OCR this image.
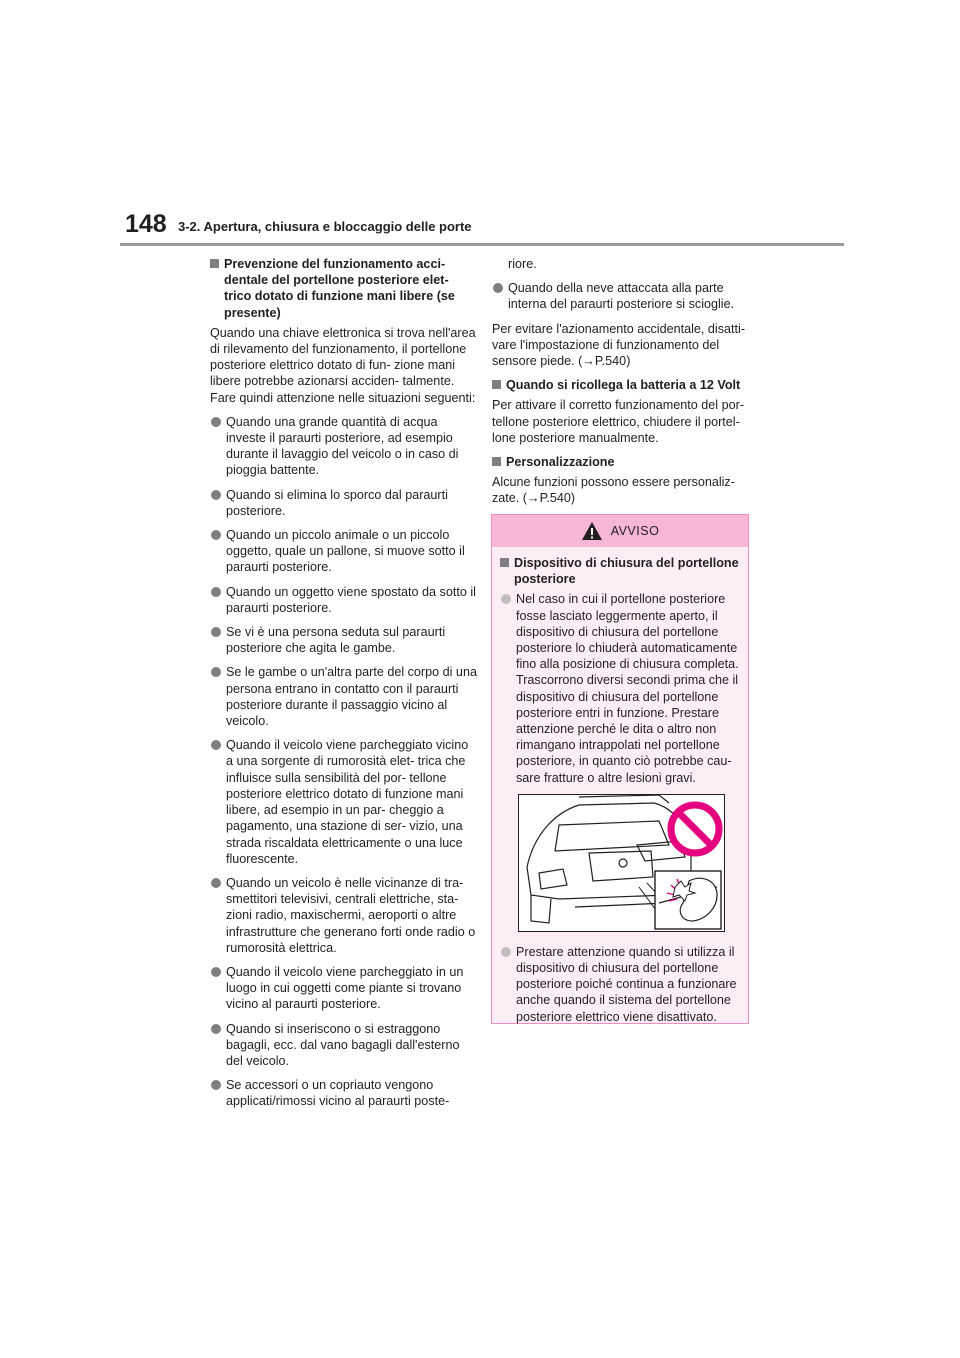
148 3-2. Apertura, chiusura e bloccaggio delle porte
Prevenzione del funzionamento acci- dentale del portellone posteriore elet- trico dotato di funzione mani libere (se presente)
Quando una chiave elettronica si trova nell'area di rilevamento del funzionamento, il portellone posteriore elettrico dotato di fun- zione mani libere potrebbe azionarsi acciden- talmente. Fare quindi attenzione nelle situazioni seguenti:
Quando una grande quantità di acqua investe il paraurti posteriore, ad esempio durante il lavaggio del veicolo o in caso di pioggia battente.
Quando si elimina lo sporco dal paraurti posteriore.
Quando un piccolo animale o un piccolo oggetto, quale un pallone, si muove sotto il paraurti posteriore.
Quando un oggetto viene spostato da sotto il paraurti posteriore.
Se vi è una persona seduta sul paraurti posteriore che agita le gambe.
Se le gambe o un'altra parte del corpo di una persona entrano in contatto con il paraurti posteriore durante il passaggio vicino al veicolo.
Quando il veicolo viene parcheggiato vicino a una sorgente di rumorosità elet- trica che influisce sulla sensibilità del por- tellone posteriore elettrico dotato di funzione mani libere, ad esempio in un par- cheggio a pagamento, una stazione di ser- vizio, una strada riscaldata elettricamente o una luce fluorescente.
Quando un veicolo è nelle vicinanze di tra- smettitori televisivi, centrali elettriche, sta- zioni radio, maxischermi, aeroporti o altre infrastrutture che generano forti onde radio o rumorosità elettrica.
Quando il veicolo viene parcheggiato in un luogo in cui oggetti come piante si trovano vicino al paraurti posteriore.
Quando si inseriscono o si estraggono bagagli, ecc. dal vano bagagli dall'esterno del veicolo.
Se accessori o un copriauto vengono applicati/rimossi vicino al paraurti poste-
riore.
Quando della neve attaccata alla parte interna del paraurti posteriore si scioglie.
Per evitare l'azionamento accidentale, disatti- vare l'impostazione di funzionamento del sensore piede. (→P.540)
Quando si ricollega la batteria a 12 Volt
Per attivare il corretto funzionamento del por- tellone posteriore elettrico, chiudere il portel- lone posteriore manualmente.
Personalizzazione
Alcune funzioni possono essere personaliz- zate. (→P.540)
AVVISO
Dispositivo di chiusura del portellone posteriore
Nel caso in cui il portellone posteriore fosse lasciato leggermente aperto, il dispositivo di chiusura del portellone posteriore lo chiuderà automaticamente fino alla posizione di chiusura completa. Trascorrono diversi secondi prima che il dispositivo di chiusura del portellone posteriore entri in funzione. Prestare attenzione perché le dita o altro non rimangano intrappolati nel portellone posteriore, in quanto ciò potrebbe cau- sare fratture o altre lesioni gravi.
Prestare attenzione quando si utilizza il dispositivo di chiusura del portellone posteriore poiché continua a funzionare anche quando il sistema del portellone posteriore elettrico viene disattivato.
